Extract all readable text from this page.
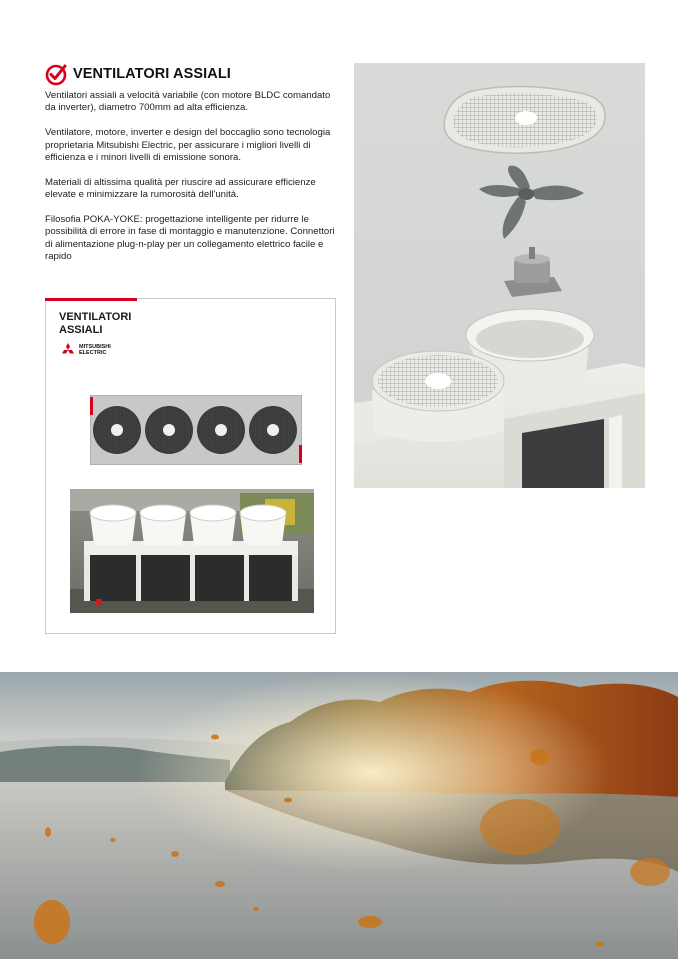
VENTILATORI ASSIALI

Ventilatori assiali a velocità variabile (con motore BLDC comandato da inverter), diametro 700mm ad alta efficienza.

Ventilatore, motore, inverter e design del boccaglio sono tecnologia proprietaria Mitsubishi Electric, per assicurare i migliori livelli di efficienza e i minori livelli di emissione sonora.

Materiali di altissima qualità per riuscire ad assicurare efficienze elevate e minimizzare la rumorosità dell'unità.

Filosofia POKA-YOKE: progettazione intelligente per ridurre le possibilità di errore in fase di montaggio e manutenzione. Connettori di alimentazione plug-n-play per un collegamento elettrico facile e rapido

VENTILATORI
ASSIALI
MITSUBISHI
ELECTRIC
